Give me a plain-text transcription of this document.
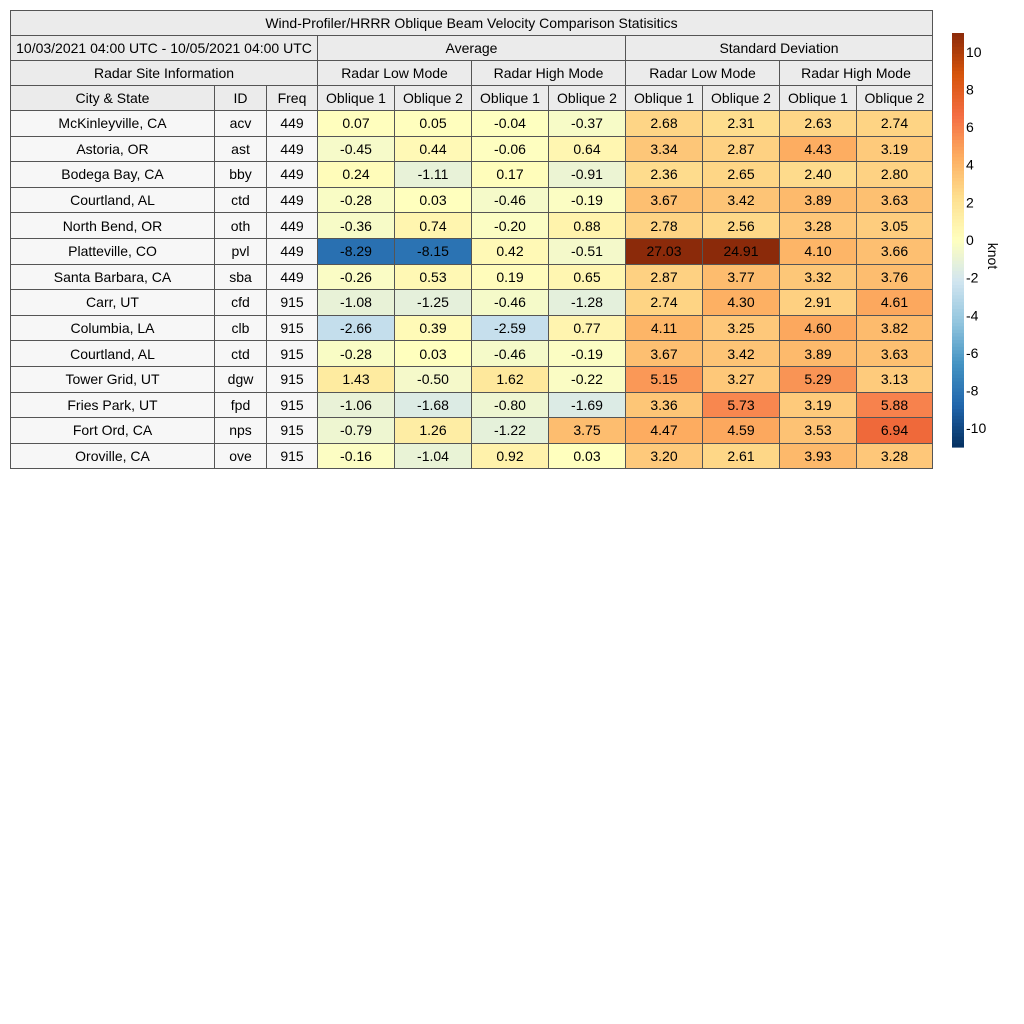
Wind-Profiler/HRRR Oblique Beam Velocity Comparison Statisitics										
10/03/2021 04:00 UTC - 10/05/2021 04:00 UTC			Average				Standard Deviation			
Radar Site Information			Radar Low Mode		Radar High Mode		Radar Low Mode		Radar High Mode	
City & State	ID	Freq	Oblique 1	Oblique 2	Oblique 1	Oblique 2	Oblique 1	Oblique 2	Oblique 1	Oblique 2
McKinleyville, CA	acv	449	0.07	0.05	-0.04	-0.37	2.68	2.31	2.63	2.74
Astoria, OR	ast	449	-0.45	0.44	-0.06	0.64	3.34	2.87	4.43	3.19
Bodega Bay, CA	bby	449	0.24	-1.11	0.17	-0.91	2.36	2.65	2.40	2.80
Courtland, AL	ctd	449	-0.28	0.03	-0.46	-0.19	3.67	3.42	3.89	3.63
North Bend, OR	oth	449	-0.36	0.74	-0.20	0.88	2.78	2.56	3.28	3.05
Platteville, CO	pvl	449	-8.29	-8.15	0.42	-0.51	27.03	24.91	4.10	3.66
Santa Barbara, CA	sba	449	-0.26	0.53	0.19	0.65	2.87	3.77	3.32	3.76
Carr, UT	cfd	915	-1.08	-1.25	-0.46	-1.28	2.74	4.30	2.91	4.61
Columbia, LA	clb	915	-2.66	0.39	-2.59	0.77	4.11	3.25	4.60	3.82
Courtland, AL	ctd	915	-0.28	0.03	-0.46	-0.19	3.67	3.42	3.89	3.63
Tower Grid, UT	dgw	915	1.43	-0.50	1.62	-0.22	5.15	3.27	5.29	3.13
Fries Park, UT	fpd	915	-1.06	-1.68	-0.80	-1.69	3.36	5.73	3.19	5.88
Fort Ord, CA	nps	915	-0.79	1.26	-1.22	3.75	4.47	4.59	3.53	6.94
Oroville, CA	ove	915	-0.16	-1.04	0.92	0.03	3.20	2.61	3.93	3.28
10
8
6
4
2
0
-2
-4
-6
-8
-10
knot
